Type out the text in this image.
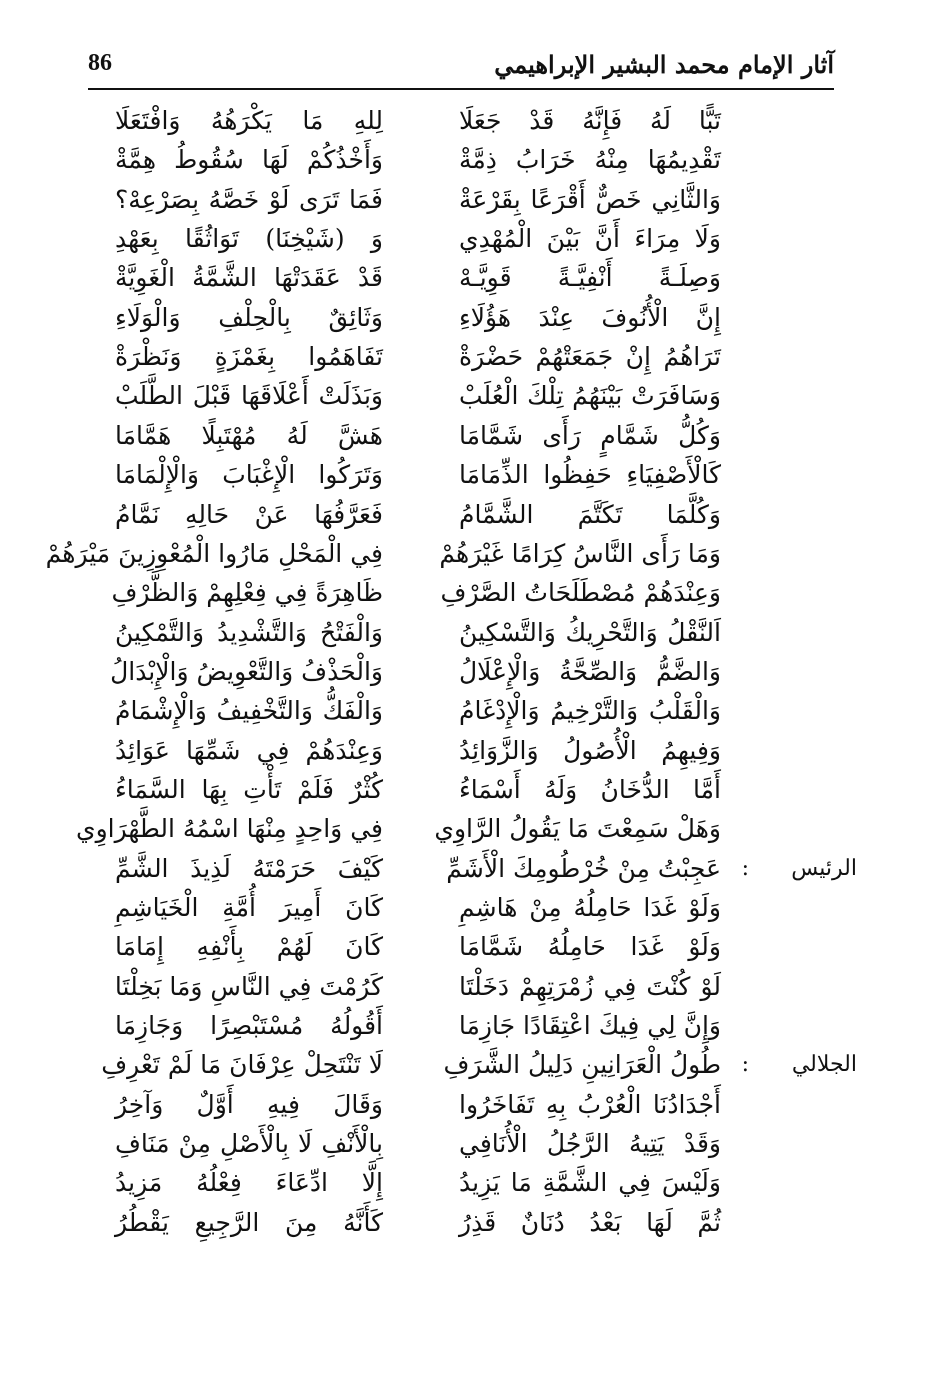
86	آثار الإمام محمد البشير الإبراهيمي
تَبًّا لَهُ فَإِنَّهُ قَدْ جَعَلَا
لِلهِ مَا يَكْرَهُهُ وَافْتَعَلَا
تَقْدِيمُهَا مِنْهُ خَرَابُ ذِمَّةْ
وَأَخْذُكُمْ لَهَا سُقُوطُ هِمَّةْ
وَالثَّانِي خَصٌّ أَقْرَعًا بِقَرْعَةْ
فَمَا تَرَى لَوْ خَصَّهُ بِصَرْعِهْ؟
وَلَا مِرَاءَ أَنَّ بَيْنَ الْمُهْدِي
وَ (شَيْخِنَا) تَوَاثُقًا بِعَهْدِ
وَصِلَـةً أَنْفِيَّـةً قَوِيَّـهْ
قَدْ عَقَدَتْهَا الشَّمَّةُ الْغَوِيَّةْ
إِنَّ الْأُنُوفَ عِنْدَ هَؤُلَاءِ
وَثَائِقٌ بِالْحِلْفِ وَالْوَلَاءِ
تَرَاهُمُ إِنْ جَمَعَتْهُمْ حَضْرَةْ
تَفَاهَمُوا بِغَمْزَةٍ وَنَظْرَةْ
وَسَافَرَتْ بَيْنَهُمُ تِلْكَ الْعُلَبْ
وَبَذَلَتْ أَعْلَاقَهَا قَبْلَ الطَّلَبْ
وَكُلُّ شَمَّامٍ رَأَى شَمَّامَا
هَشَّ لَهُ مُهْتَبِلًا هَمَّامَا
كَالْأَصْفِيَاءِ حَفِظُوا الذِّمَامَا
وَتَرَكُوا الْإِغْبَابَ وَالْإِلْمَامَا
وَكُلَّمَا تَكَتَّمَ الشَّمَّامُ
فَعَرَّفُهَا عَنْ حَالِهِ نَمَّامُ
وَمَا رَأَى النَّاسُ كِرَامًا غَيْرَهُمْ
فِي الْمَحْلِ مَارُوا الْمُعْوِزِينَ مَيْرَهُمْ
وَعِنْدَهُمْ مُصْطَلَحَاتُ الصَّرْفِ
ظَاهِرَةً فِي فِعْلِهِمْ وَالظَّرْفِ
اَلنَّقْلُ وَالتَّحْرِيكُ وَالتَّسْكِينُ
وَالْفَتْحُ وَالتَّشْدِيدُ وَالتَّمْكِينُ
وَالضَّمُّ وَالصِّحَّةُ وَالْإِعْلَالُ
وَالْحَذْفُ وَالتَّعْوِيضُ وَالْإِبْدَالُ
وَالْقَلْبُ وَالتَّرْخِيمُ وَالْإِدْغَامُ
وَالْفَكُّ وَالتَّخْفِيفُ وَالْإِشْمَامُ
وَفِيهِمُ الْأُصُولُ وَالزَّوَائِدُ
وَعِنْدَهُمْ فِي شَمِّهَا عَوَائِدُ
أَمَّا الدُّخَانُ وَلَهُ أَسْمَاءُ
كُثْرٌ فَلَمْ تَأْتِ بِهَا السَّمَاءُ
وَهَلْ سَمِعْتَ مَا يَقُولُ الرَّاوِي
فِي وَاحِدٍ مِنْهَا اسْمُهُ الطَّهْرَاوِي
الرئيس
:
عَجِبْتُ مِنْ خُرْطُومِكَ الْأَشَمِّ
كَيْفَ حَرَمْتَهُ لَذِيذَ الشَّمِّ
وَلَوْ غَدَا حَامِلُهُ مِنْ هَاشِمِ
كَانَ أَمِيرَ أُمَّةِ الْخَيَاشِمِ
وَلَوْ غَدَا حَامِلُهُ شَمَّامَا
كَانَ لَهُمْ بِأَنْفِهِ إِمَامَا
لَوْ كُنْتَ فِي زُمْرَتِهِمْ دَخَلْتَا
كَرُمْتَ فِي النَّاسِ وَمَا بَخِلْتَا
وَإِنَّ لِي فِيكَ اعْتِقَادًا جَازِمَا
أَقُولُهُ مُسْتَبْصِرًا وَجَازِمَا
الجلالي
:
طُولُ الْعَرَانِينِ دَلِيلُ الشَّرَفِ
لَا تَنْتَحِلْ عِرْفَانَ مَا لَمْ تَعْرِفِ
أَجْدَادُنَا الْعُرْبُ بِهِ تَفَاخَرُوا
وَقَالَ فِيهِ أَوَّلٌ وَآخِرُ
وَقَدْ يَتِيهُ الرَّجُلُ الْأُنَافِي
بِالْأَنْفِ لَا بِالْأَصْلِ مِنْ مَنَافِ
وَلَيْسَ فِي الشَّمَّةِ مَا يَزِيدُ
إِلَّا ادِّعَاءَ فِعْلُهُ مَزِيدُ
ثُمَّ لَهَا بَعْدُ دُنَانٌ قَذِرُ
كَأَنَّهُ مِنَ الرَّجِيعِ يَقْطُرُ
